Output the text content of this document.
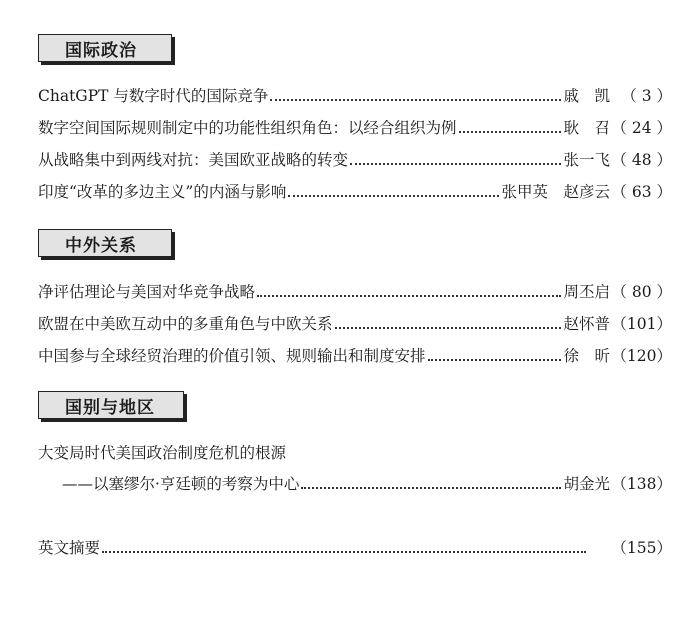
国际政治
ChatGPT 与数字时代的国际竞争	戚　凯 （ 3 ）
数字空间国际规则制定中的功能性组织角色：以经合组织为例	耿　召 （ 24 ）
从战略集中到两线对抗：美国欧亚战略的转变	张一飞 （ 48 ）
印度“改革的多边主义”的内涵与影响	张甲英　赵彦云 （ 63 ）
中外关系
净评估理论与美国对华竞争战略	周丕启 （ 80 ）
欧盟在中美欧互动中的多重角色与中欧关系	赵怀普 （101）
中国参与全球经贸治理的价值引领、规则输出和制度安排	徐　昕 （120）
国别与地区
大变局时代美国政治制度危机的根源
——以塞缪尔·亨廷顿的考察为中心	胡金光 （138）
英文摘要	（155）
